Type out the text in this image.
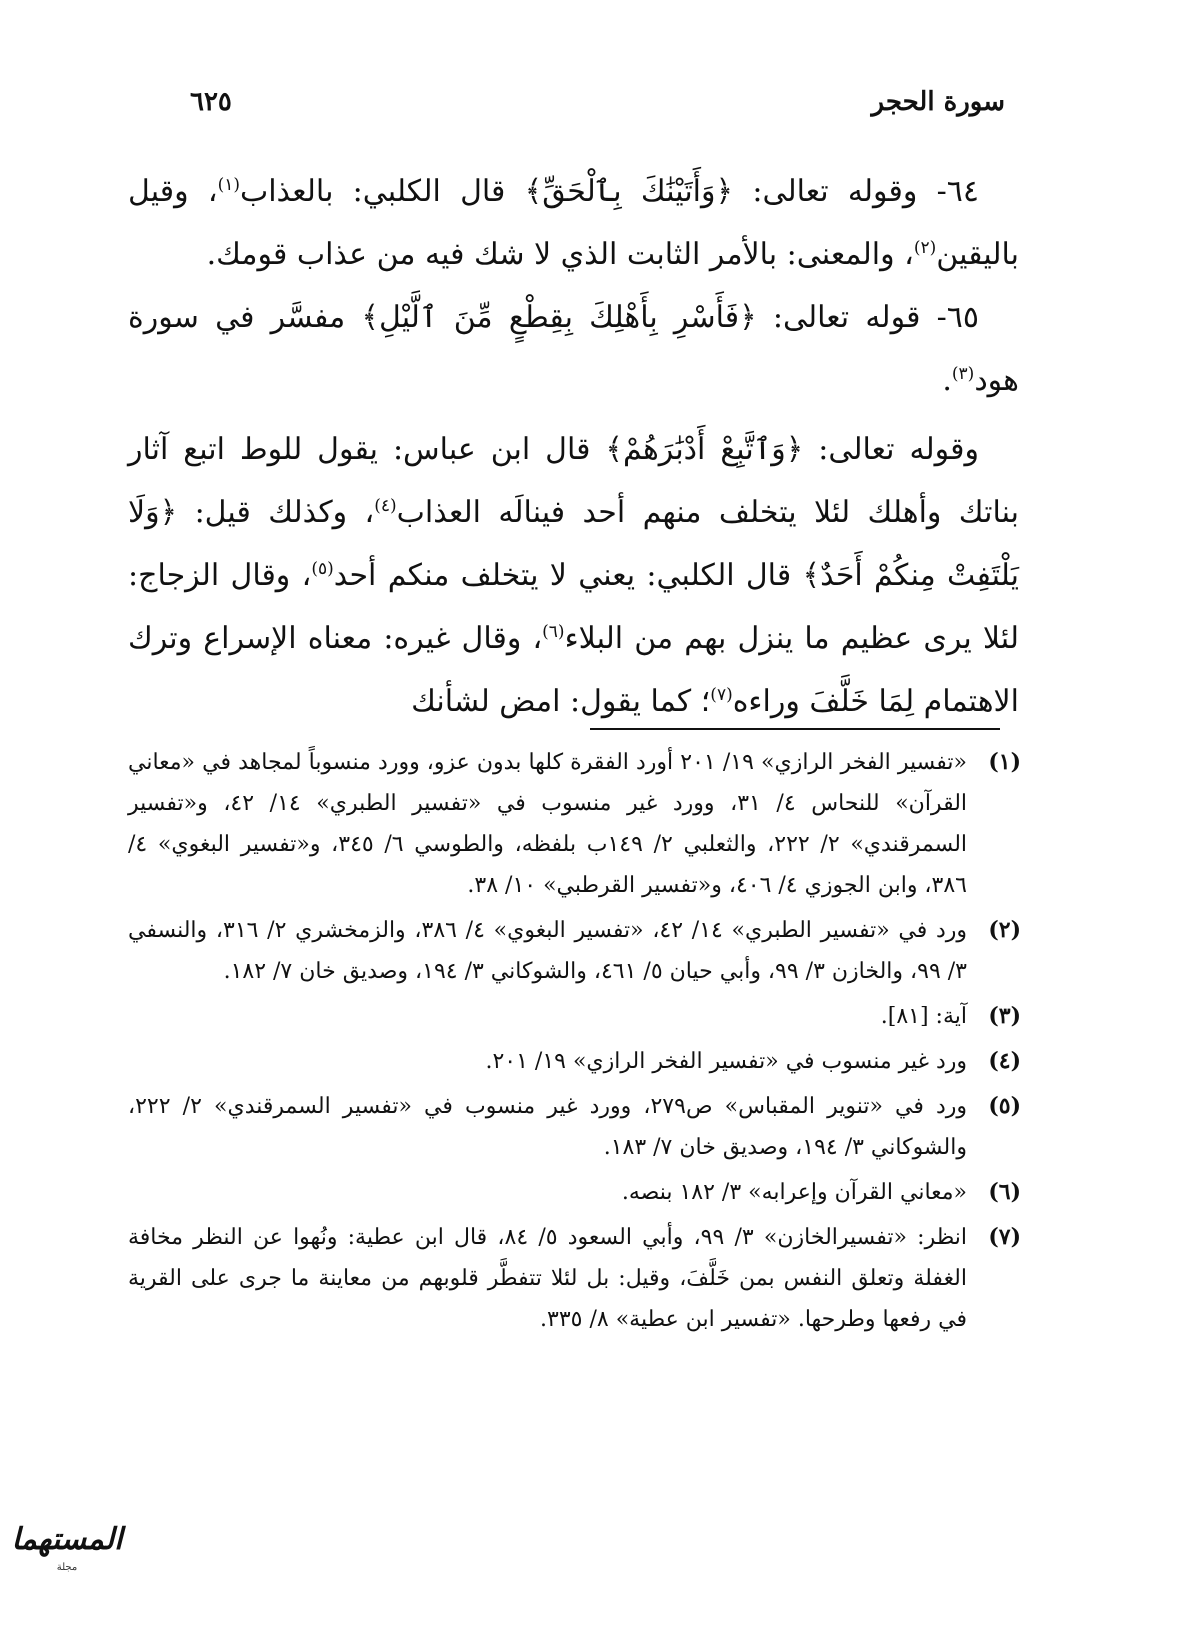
سورة الحجر
٦٢٥

٦٤- وقوله تعالى: ﴿وَأَتَيْنَٰكَ بِٱلْحَقِّ﴾ قال الكلبي: بالعذاب$^{(١)}$، وقيل باليقين$^{(٢)}$، والمعنى: بالأمر الثابت الذي لا شك فيه من عذاب قومك.

٦٥- قوله تعالى: ﴿فَأَسْرِ بِأَهْلِكَ بِقِطْعٍ مِّنَ ٱلَّيْلِ﴾ مفسَّر في سورة هود$^{(٣)}$.

وقوله تعالى: ﴿وَٱتَّبِعْ أَدْبَٰرَهُمْ﴾ قال ابن عباس: يقول للوط اتبع آثار بناتك وأهلك لئلا يتخلف منهم أحد فينالَه العذاب$^{(٤)}$، وكذلك قيل: ﴿وَلَا يَلْتَفِتْ مِنكُمْ أَحَدٌ﴾ قال الكلبي: يعني لا يتخلف منكم أحد$^{(٥)}$، وقال الزجاج: لئلا يرى عظيم ما ينزل بهم من البلاء$^{(٦)}$، وقال غيره: معناه الإسراع وترك الاهتمام لِمَا خَلَّفَ وراءه$^{(٧)}$؛ كما يقول: امض لشأنك

(١)
«تفسير الفخر الرازي» ١٩/ ٢٠١ أورد الفقرة كلها بدون عزو، وورد منسوباً لمجاهد في «معاني القرآن» للنحاس ٤/ ٣١، وورد غير منسوب في «تفسير الطبري» ١٤/ ٤٢، و«تفسير السمرقندي» ٢/ ٢٢٢، والثعلبي ٢/ ١٤٩ب بلفظه، والطوسي ٦/ ٣٤٥، و«تفسير البغوي» ٤/ ٣٨٦، وابن الجوزي ٤/ ٤٠٦، و«تفسير القرطبي» ١٠/ ٣٨.
(٢)
ورد في «تفسير الطبري» ١٤/ ٤٢، «تفسير البغوي» ٤/ ٣٨٦، والزمخشري ٢/ ٣١٦، والنسفي ٣/ ٩٩، والخازن ٣/ ٩٩، وأبي حيان ٥/ ٤٦١، والشوكاني ٣/ ١٩٤، وصديق خان ٧/ ١٨٢.
(٣)
آية: [٨١].
(٤)
ورد غير منسوب في «تفسير الفخر الرازي» ١٩/ ٢٠١.
(٥)
ورد في «تنوير المقباس» ص٢٧٩، وورد غير منسوب في «تفسير السمرقندي» ٢/ ٢٢٢، والشوكاني ٣/ ١٩٤، وصديق خان ٧/ ١٨٣.
(٦)
«معاني القرآن وإعرابه» ٣/ ١٨٢ بنصه.
(٧)
انظر: «تفسيرالخازن» ٣/ ٩٩، وأبي السعود ٥/ ٨٤، قال ابن عطية: ونُهوا عن النظر مخافة الغفلة وتعلق النفس بمن خَلَّفَ، وقيل: بل لئلا تتفطَّر قلوبهم من معاينة ما جرى على القرية في رفعها وطرحها. «تفسير ابن عطية» ٨/ ٣٣٥.
المستهما
مجلة
